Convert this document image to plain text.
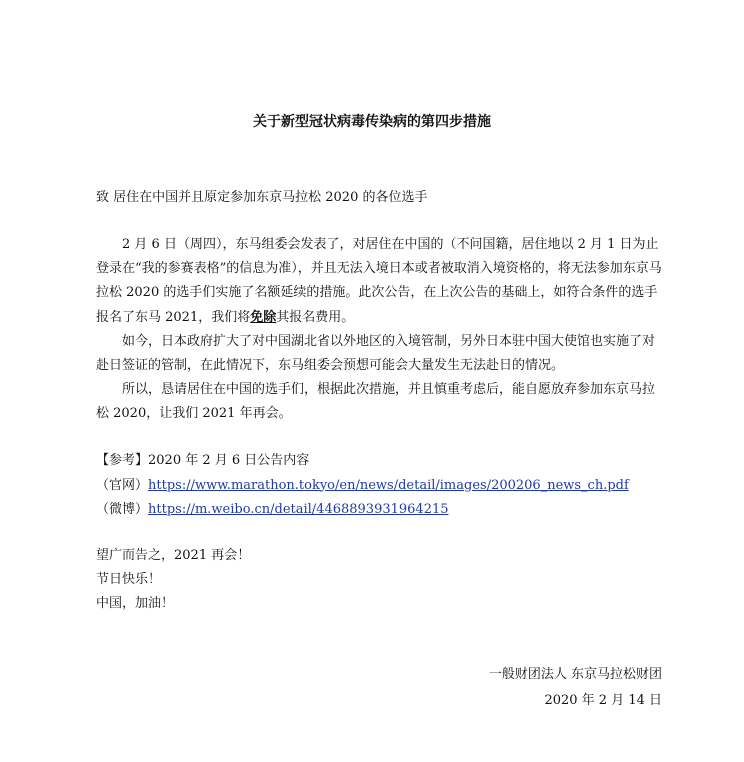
关于新型冠状病毒传染病的第四步措施
致 居住在中国并且原定参加东京马拉松 2020 的各位选手

2 月 6 日（周四），东马组委会发表了，对居住在中国的（不问国籍，居住地以 2 月 1 日为止登录在“我的参赛表格”的信息为准），并且无法入境日本或者被取消入境资格的，将无法参加东京马拉松 2020 的选手们实施了名额延续的措施。此次公告，在上次公告的基础上，如符合条件的选手报名了东马 2021，我们将免除其报名费用。

如今，日本政府扩大了对中国湖北省以外地区的入境管制，另外日本驻中国大使馆也实施了对赴日签证的管制，在此情况下，东马组委会预想可能会大量发生无法赴日的情况。

所以，恳请居住在中国的选手们，根据此次措施，并且慎重考虑后，能自愿放弃参加东京马拉松 2020，让我们 2021 年再会。

【参考】2020 年 2 月 6 日公告内容
（官网）https://www.marathon.tokyo/en/news/detail/images/200206_news_ch.pdf
（微博）https://m.weibo.cn/detail/4468893931964215
望广而告之，2021 再会！
节日快乐！
中国，加油！
一般财团法人 东京马拉松财团
2020 年 2 月 14 日
